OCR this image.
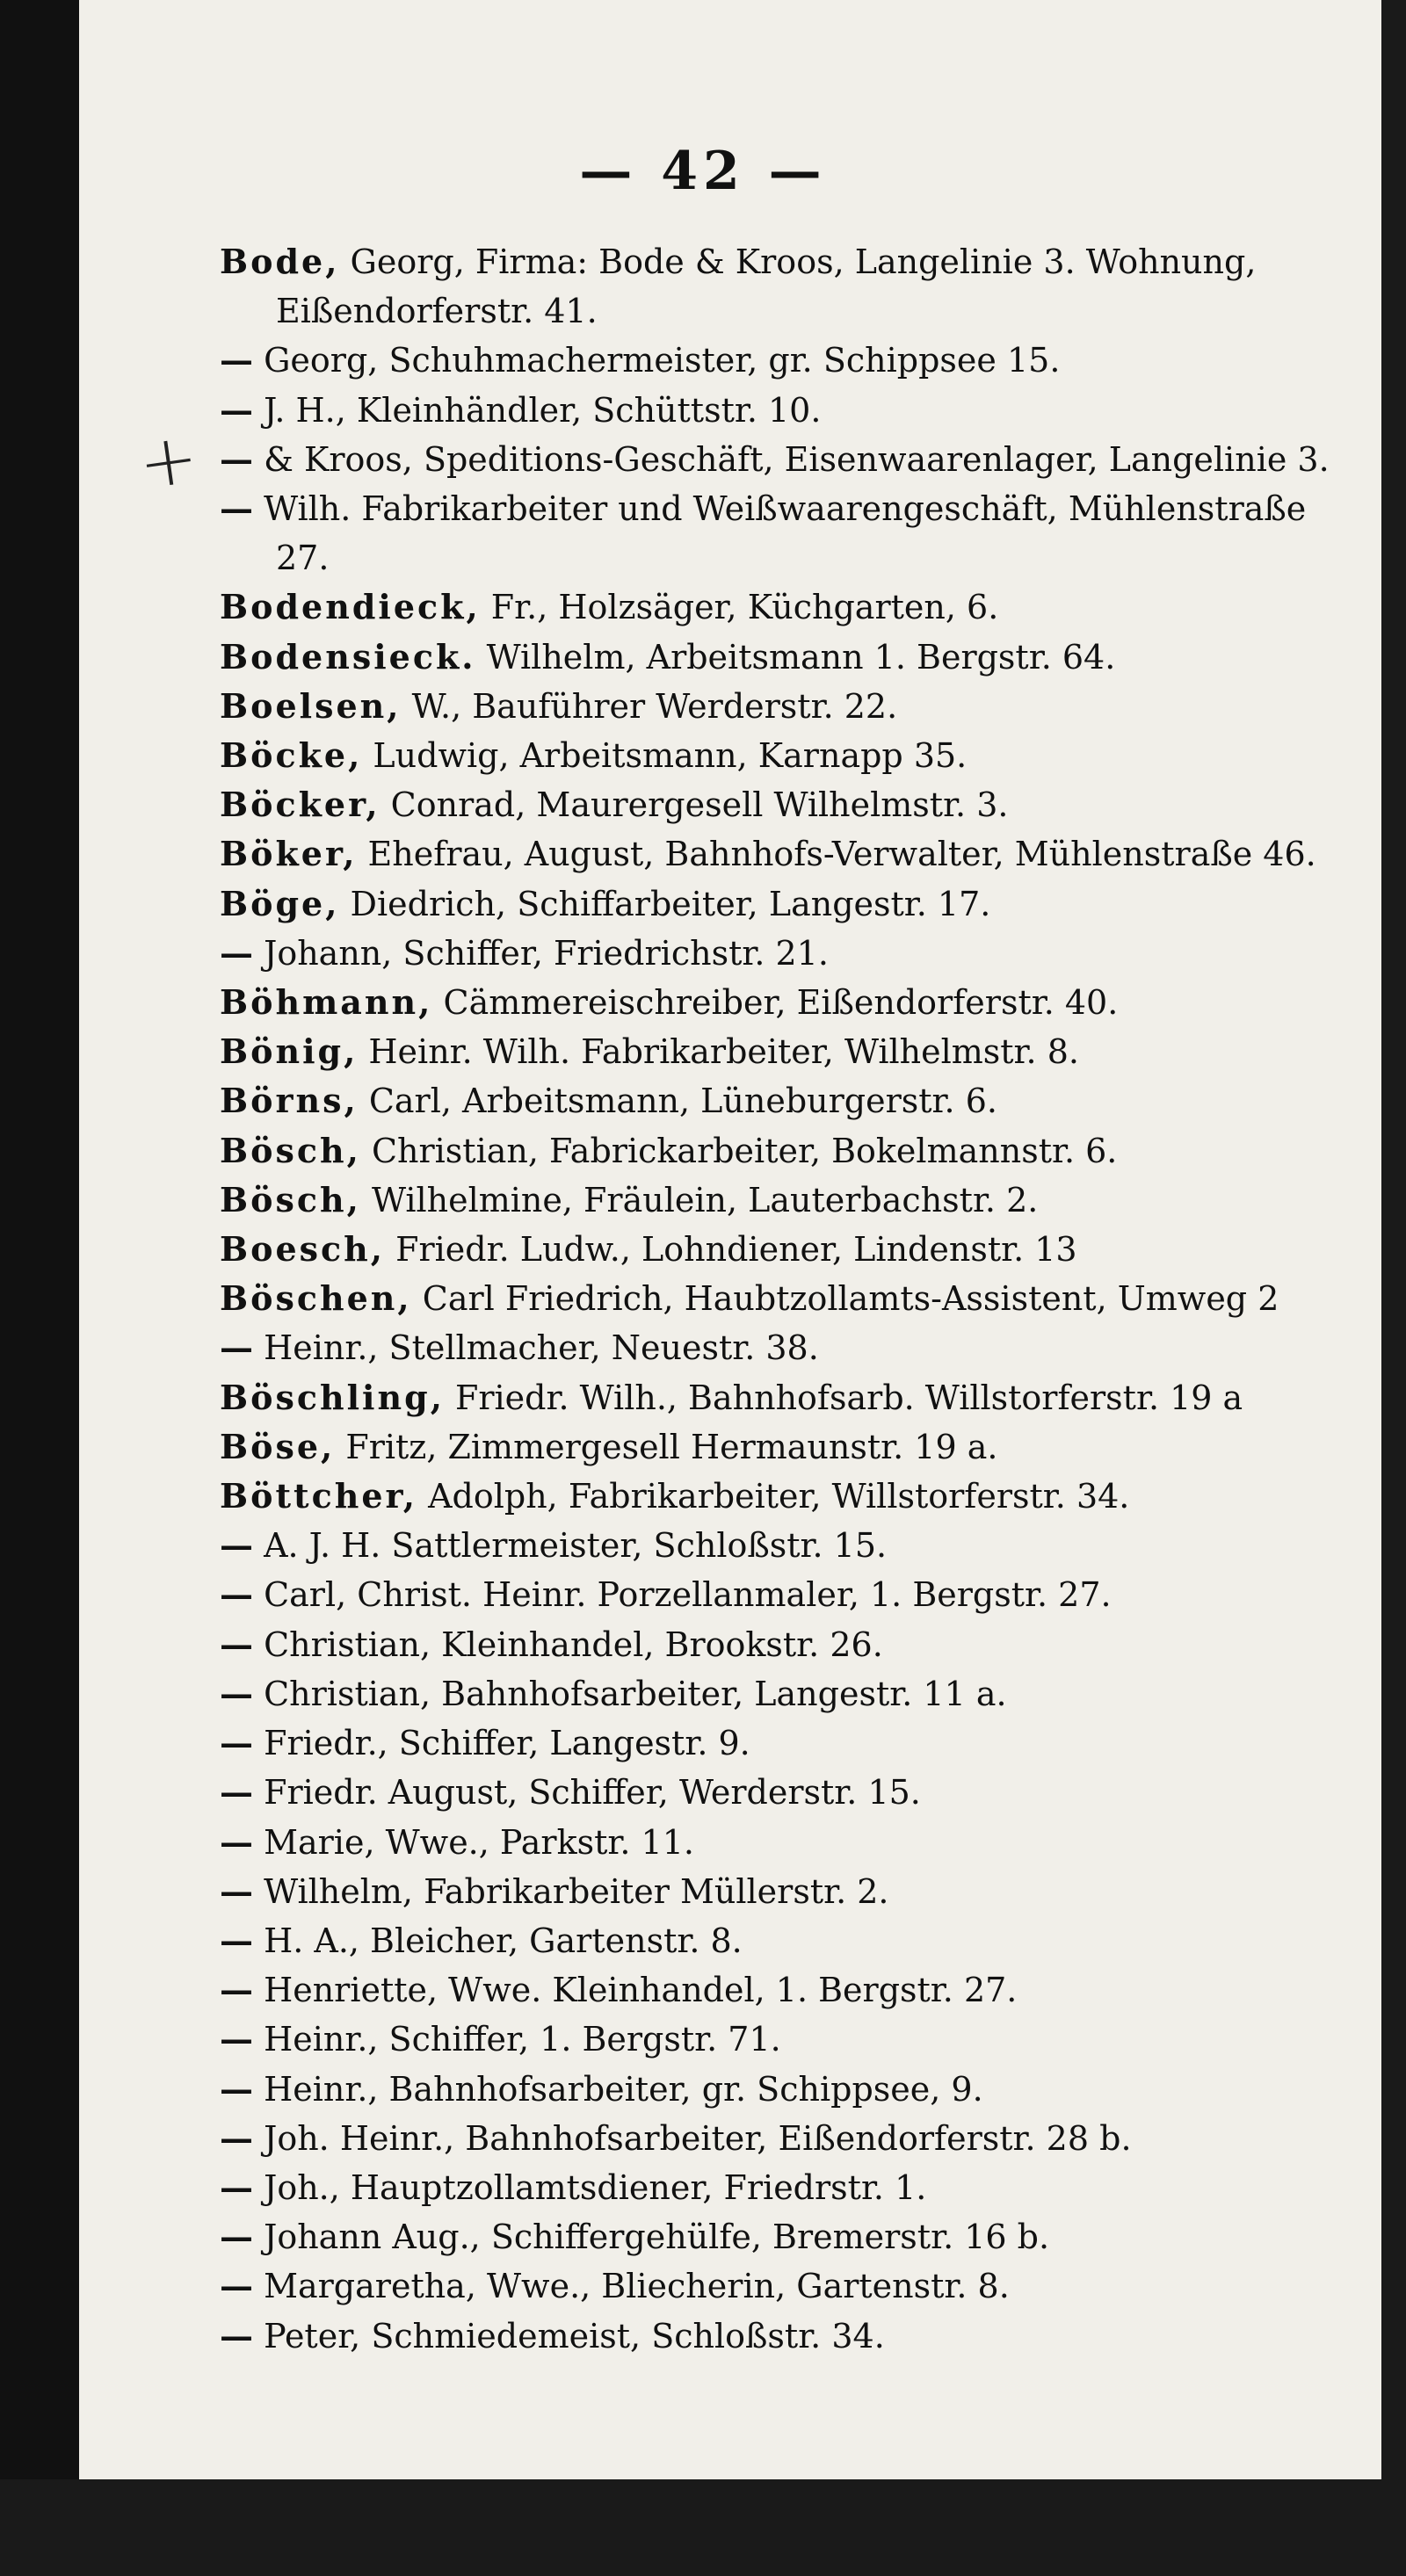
— 42 —
+
Bode, Georg, Firma: Bode & Kroos, Langelinie 3. Wohnung, Eißendorferstr. 41.
— Georg, Schuhmachermeister, gr. Schippsee 15.
— J. H., Kleinhändler, Schüttstr. 10.
— & Kroos, Speditions-Geschäft, Eisenwaarenlager, Langelinie 3.
— Wilh. Fabrikarbeiter und Weißwaarengeschäft, Mühlenstraße 27.
Bodendieck, Fr., Holzsäger, Küchgarten, 6.
Bodensieck. Wilhelm, Arbeitsmann 1. Bergstr. 64.
Boelsen, W., Bauführer Werderstr. 22.
Böcke, Ludwig, Arbeitsmann, Karnapp 35.
Böcker, Conrad, Maurergesell Wilhelmstr. 3.
Böker, Ehefrau, August, Bahnhofs-Verwalter, Mühlenstraße 46.
Böge, Diedrich, Schiffarbeiter, Langestr. 17.
— Johann, Schiffer, Friedrichstr. 21.
Böhmann, Cämmereischreiber, Eißendorferstr. 40.
Bönig, Heinr. Wilh. Fabrikarbeiter, Wilhelmstr. 8.
Börns, Carl, Arbeitsmann, Lüneburgerstr. 6.
Bösch, Christian, Fabrickarbeiter, Bokelmannstr. 6.
Bösch, Wilhelmine, Fräulein, Lauterbachstr. 2.
Boesch, Friedr. Ludw., Lohndiener, Lindenstr. 13
Böschen, Carl Friedrich, Haubtzollamts-Assistent, Umweg 2
— Heinr., Stellmacher, Neuestr. 38.
Böschling, Friedr. Wilh., Bahnhofsarb. Willstorferstr. 19 a
Böse, Fritz, Zimmergesell Hermaunstr. 19 a.
Böttcher, Adolph, Fabrikarbeiter, Willstorferstr. 34.
— A. J. H. Sattlermeister, Schloßstr. 15.
— Carl, Christ. Heinr. Porzellanmaler, 1. Bergstr. 27.
— Christian, Kleinhandel, Brookstr. 26.
— Christian, Bahnhofsarbeiter, Langestr. 11 a.
— Friedr., Schiffer, Langestr. 9.
— Friedr. August, Schiffer, Werderstr. 15.
— Marie, Wwe., Parkstr. 11.
— Wilhelm, Fabrikarbeiter Müllerstr. 2.
— H. A., Bleicher, Gartenstr. 8.
— Henriette, Wwe. Kleinhandel, 1. Bergstr. 27.
— Heinr., Schiffer, 1. Bergstr. 71.
— Heinr., Bahnhofsarbeiter, gr. Schippsee, 9.
— Joh. Heinr., Bahnhofsarbeiter, Eißendorferstr. 28 b.
— Joh., Hauptzollamtsdiener, Friedrstr. 1.
— Johann Aug., Schiffergehülfe, Bremerstr. 16 b.
— Margaretha, Wwe., Bliecherin, Gartenstr. 8.
— Peter, Schmiedemeist, Schloßstr. 34.
